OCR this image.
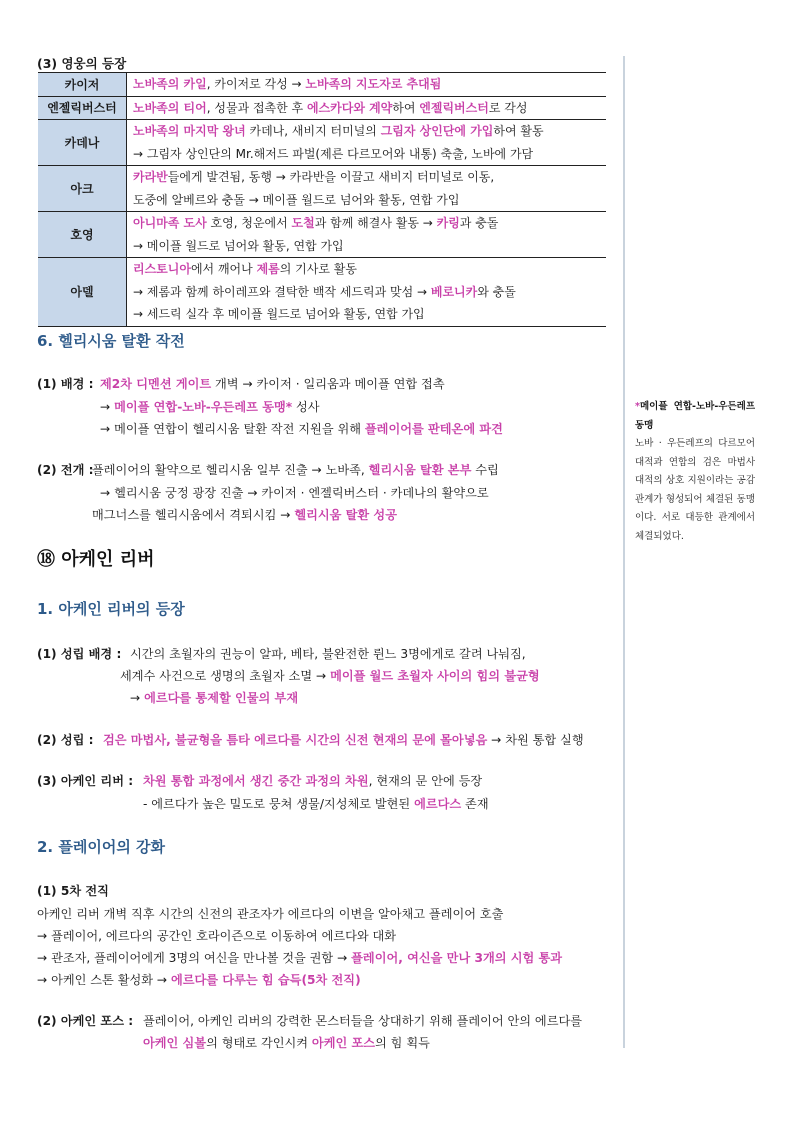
(3) 영웅의 등장
카이저	노바족의 카일, 카이저로 각성 → 노바족의 지도자로 추대됨

엔젤릭버스터	노바족의 티어, 성물과 접촉한 후 에스카다와 계약하여 엔젤릭버스터로 각성

카데나	노바족의 마지막 왕녀 카데나, 새비지 터미널의 그림자 상인단에 가입하여 활동
→ 그림자 상인단의 Mr.해저드 파벌(제른 다르모어와 내통) 축출, 노바에 가담

아크	카라반들에게 발견됨, 동행 → 카라반을 이끌고 새비지 터미널로 이동,
도중에 알베르와 충돌 → 메이플 월드로 넘어와 활동, 연합 가입

호영	아니마족 도사 호영, 청운에서 도철과 함께 해결사 활동 → 카링과 충돌
→ 메이플 월드로 넘어와 활동, 연합 가입

아델	리스토니아에서 깨어나 제롬의 기사로 활동
→ 제롬과 함께 하이레프와 결탁한 백작 세드릭과 맞섬 → 베로니카와 충돌
→ 세드릭 실각 후 메이플 월드로 넘어와 활동, 연합 가입
6. 헬리시움 탈환 작전
(1) 배경 : 제2차 디멘션 게이트 개벽 → 카이저 · 일리움과 메이플 연합 접촉
→ 메이플 연합-노바-우든레프 동맹* 성사
→ 메이플 연합이 헬리시움 탈환 작전 지원을 위해 플레이어를 판테온에 파견
(2) 전개 :
플레이어의 활약으로 헬리시움 일부 진출 → 노바족, 헬리시움 탈환 본부 수립
→ 헬리시움 궁정 광장 진출 → 카이저 · 엔젤릭버스터 · 카데나의 활약으로
매그너스를 헬리시움에서 격퇴시킴 → 헬리시움 탈환 성공
*메이플 연합-노바-우든레프 동맹
노바 · 우든레프의 다르모어 대적과 연합의 검은 마법사 대적의 상호 지원이라는 공감관계가 형성되어 체결된 동맹이다. 서로 대등한 관계에서 체결되었다.
⑱ 아케인 리버
1. 아케인 리버의 등장
(1) 성립 배경 : 시간의 초월자의 권능이 알파, 베타, 불완전한 륀느 3명에게로 갈려 나눠짐,
세계수 사건으로 생명의 초월자 소멸 → 메이플 월드 초월자 사이의 힘의 불균형
→ 에르다를 통제할 인물의 부재
(2) 성립 : 검은 마법사, 불균형을 틈타 에르다를 시간의 신전 현재의 문에 몰아넣음 → 차원 통합 실행
(3) 아케인 리버 : 차원 통합 과정에서 생긴 중간 과정의 차원, 현재의 문 안에 등장
- 에르다가 높은 밀도로 뭉쳐 생물/지성체로 발현된 에르다스 존재
2. 플레이어의 강화
(1) 5차 전직
아케인 리버 개벽 직후 시간의 신전의 관조자가 에르다의 이변을 알아채고 플레이어 호출
→ 플레이어, 에르다의 공간인 호라이즌으로 이동하여 에르다와 대화
→ 관조자, 플레이어에게 3명의 여신을 만나볼 것을 권함 → 플레이어, 여신을 만나 3개의 시험 통과
→ 아케인 스톤 활성화 → 에르다를 다루는 힘 습득(5차 전직)
(2) 아케인 포스 : 플레이어, 아케인 리버의 강력한 몬스터들을 상대하기 위해 플레이어 안의 에르다를
아케인 심볼의 형태로 각인시켜 아케인 포스의 힘 획득
